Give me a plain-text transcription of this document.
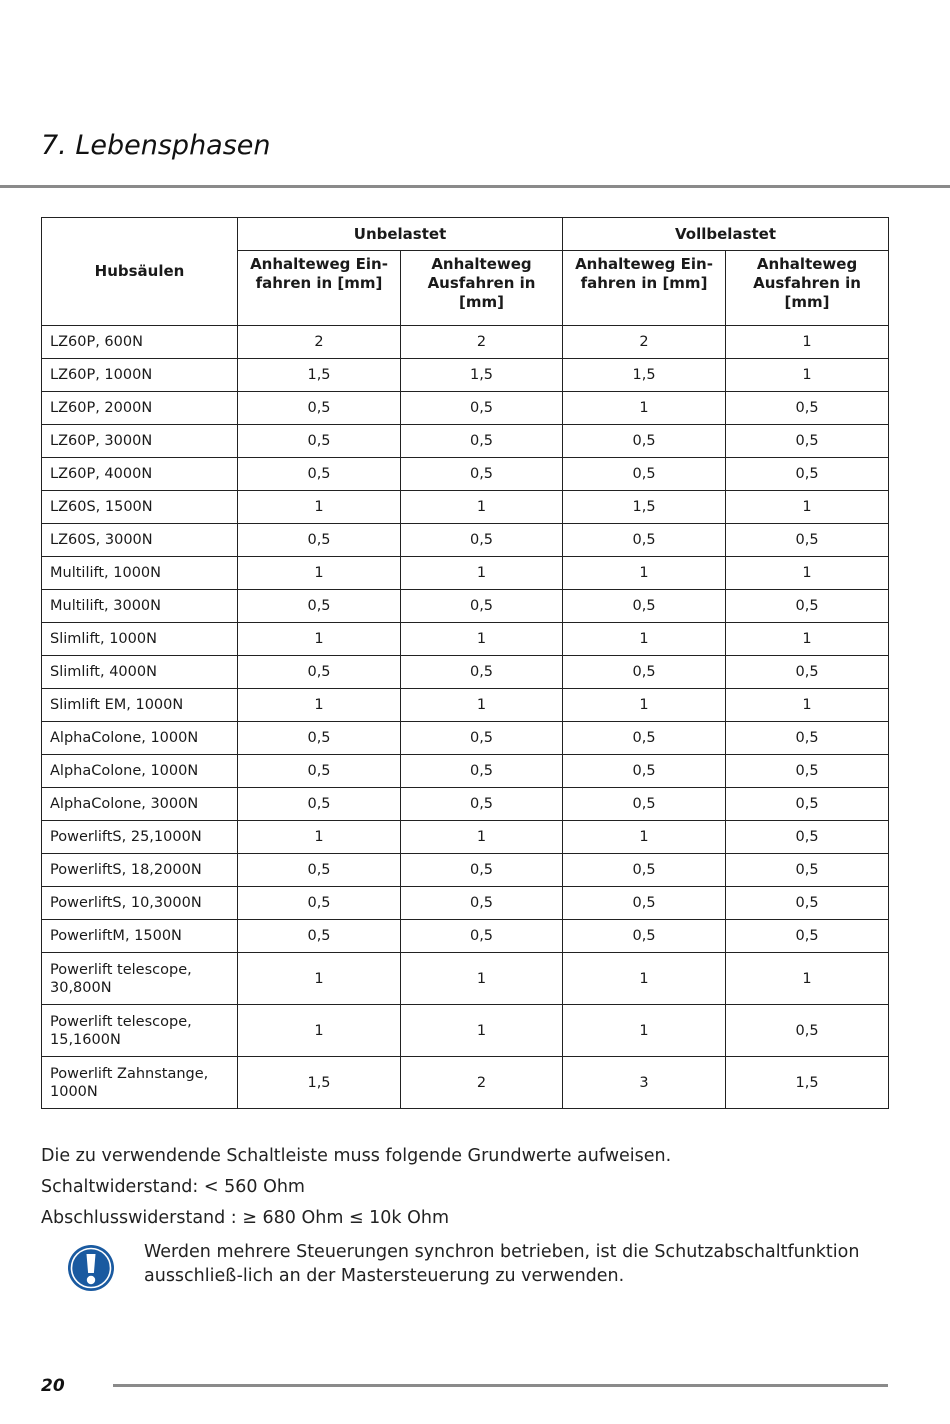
7. Lebensphasen
Hubsäulen	Unbelastet		Vollbelastet	
	Anhalteweg Ein-fahren in [mm]	Anhalteweg Ausfahren in [mm]	Anhalteweg Ein-fahren in [mm]	Anhalteweg Ausfahren in [mm]
LZ60P, 600N	2	2	2	1
LZ60P, 1000N	1,5	1,5	1,5	1
LZ60P, 2000N	0,5	0,5	1	0,5
LZ60P, 3000N	0,5	0,5	0,5	0,5
LZ60P, 4000N	0,5	0,5	0,5	0,5
LZ60S, 1500N	1	1	1,5	1
LZ60S, 3000N	0,5	0,5	0,5	0,5
Multilift, 1000N	1	1	1	1
Multilift, 3000N	0,5	0,5	0,5	0,5
Slimlift, 1000N	1	1	1	1
Slimlift, 4000N	0,5	0,5	0,5	0,5
Slimlift EM, 1000N	1	1	1	1
AlphaColone, 1000N	0,5	0,5	0,5	0,5
AlphaColone, 1000N	0,5	0,5	0,5	0,5
AlphaColone, 3000N	0,5	0,5	0,5	0,5
PowerliftS, 25,1000N	1	1	1	0,5
PowerliftS, 18,2000N	0,5	0,5	0,5	0,5
PowerliftS, 10,3000N	0,5	0,5	0,5	0,5
PowerliftM, 1500N	0,5	0,5	0,5	0,5
Powerlift telescope, 30,800N	1	1	1	1
Powerlift telescope, 15,1600N	1	1	1	0,5
Powerlift Zahnstange, 1000N	1,5	2	3	1,5

Die zu verwendende Schaltleiste muss folgende Grundwerte aufweisen.

Schaltwiderstand: < 560 Ohm

Abschlusswiderstand : ≥ 680 Ohm ≤ 10k Ohm

Werden mehrere Steuerungen synchron betrieben, ist die Schutzabschaltfunktion ausschließ-lich an der Mastersteuerung zu verwenden.

20
